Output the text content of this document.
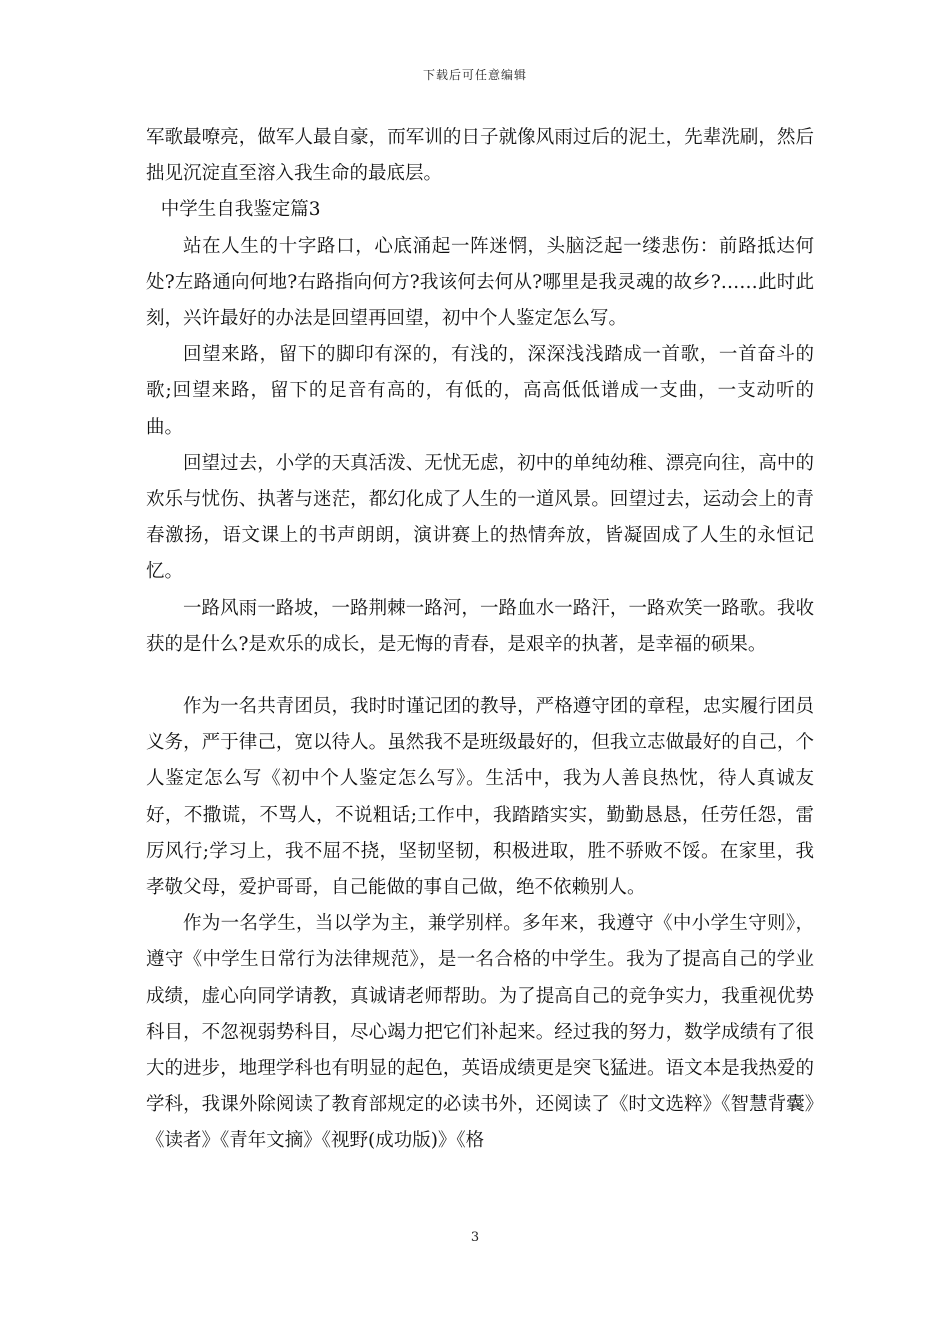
下载后可任意编辑

军歌最嘹亮，做军人最自豪，而军训的日子就像风雨过后的泥土，先辈洗刷，然后拙见沉淀直至溶入我生命的最底层。

中学生自我鉴定篇3

站在人生的十字路口，心底涌起一阵迷惘，头脑泛起一缕悲伤：前路抵达何处?左路通向何地?右路指向何方?我该何去何从?哪里是我灵魂的故乡?……此时此刻，兴许最好的办法是回望再回望，初中个人鉴定怎么写。

回望来路，留下的脚印有深的，有浅的，深深浅浅踏成一首歌，一首奋斗的歌;回望来路，留下的足音有高的，有低的，高高低低谱成一支曲，一支动听的曲。

回望过去，小学的天真活泼、无忧无虑，初中的单纯幼稚、漂亮向往，高中的欢乐与忧伤、执著与迷茫，都幻化成了人生的一道风景。回望过去，运动会上的青春激扬，语文课上的书声朗朗，演讲赛上的热情奔放，皆凝固成了人生的永恒记忆。

一路风雨一路坡，一路荆棘一路河，一路血水一路汗，一路欢笑一路歌。我收获的是什么?是欢乐的成长，是无悔的青春，是艰辛的执著，是幸福的硕果。

作为一名共青团员，我时时谨记团的教导，严格遵守团的章程，忠实履行团员义务，严于律己，宽以待人。虽然我不是班级最好的，但我立志做最好的自己，个人鉴定怎么写《初中个人鉴定怎么写》。生活中，我为人善良热忱，待人真诚友好，不撒谎，不骂人，不说粗话;工作中，我踏踏实实，勤勤恳恳，任劳任怨，雷厉风行;学习上，我不屈不挠，坚韧坚韧，积极进取，胜不骄败不馁。在家里，我孝敬父母，爱护哥哥，自己能做的事自己做，绝不依赖别人。

作为一名学生，当以学为主，兼学别样。多年来，我遵守《中小学生守则》，遵守《中学生日常行为法律规范》，是一名合格的中学生。我为了提高自己的学业成绩，虚心向同学请教，真诚请老师帮助。为了提高自己的竞争实力，我重视优势科目，不忽视弱势科目，尽心竭力把它们补起来。经过我的努力，数学成绩有了很大的进步，地理学科也有明显的起色，英语成绩更是突飞猛进。语文本是我热爱的学科，我课外除阅读了教育部规定的必读书外，还阅读了《时文选粹》《智慧背囊》《读者》《青年文摘》《视野(成功版)》《格

3
